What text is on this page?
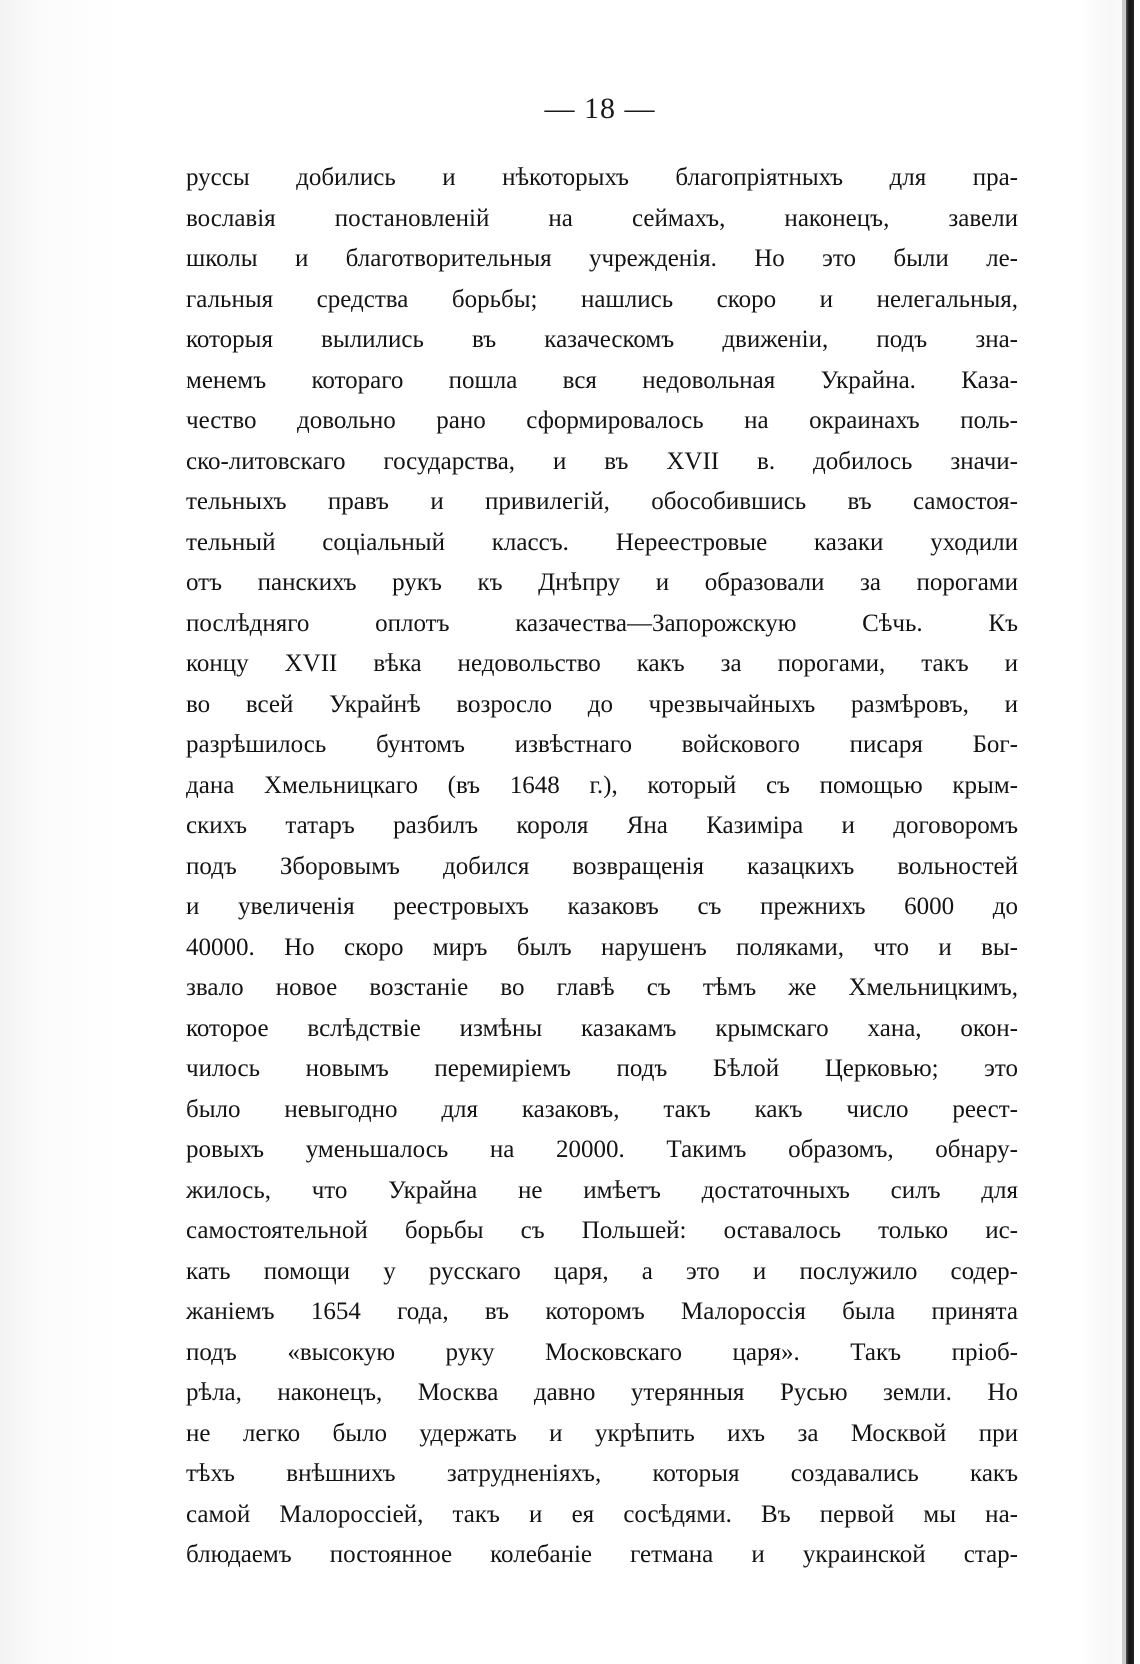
— 18 —
руссы добились и нѣкоторыхъ благопріятныхъ для пра-
вославія постановленій на сеймахъ, наконецъ, завели
школы и благотворительныя учрежденія. Но это были ле-
гальныя средства борьбы; нашлись скоро и нелегальныя,
которыя вылились въ казаческомъ движеніи, подъ зна-
менемъ котораго пошла вся недовольная Украйна. Каза-
чество довольно рано сформировалось на окраинахъ поль-
ско-литовскаго государства, и въ XVII в. добилось значи-
тельныхъ правъ и привилегій, обособившись въ самостоя-
тельный соціальный классъ. Нереестровые казаки уходили
отъ панскихъ рукъ къ Днѣпру и образовали за порогами
послѣдняго оплотъ казачества—Запорожскую Сѣчь. Къ
концу XVII вѣка недовольство какъ за порогами, такъ и
во всей Украйнѣ возросло до чрезвычайныхъ размѣровъ, и
разрѣшилось бунтомъ извѣстнаго войскового писаря Бог-
дана Хмельницкаго (въ 1648 г.), который съ помощью крым-
скихъ татаръ разбилъ короля Яна Казиміра и договоромъ
подъ Зборовымъ добился возвращенія казацкихъ вольностей
и увеличенія реестровыхъ казаковъ съ прежнихъ 6000 до
40000. Но скоро миръ былъ нарушенъ поляками, что и вы-
звало новое возстаніе во главѣ съ тѣмъ же Хмельницкимъ,
которое вслѣдствіе измѣны казакамъ крымскаго хана, окон-
чилось новымъ перемиріемъ подъ Бѣлой Церковью; это
было невыгодно для казаковъ, такъ какъ число реест-
ровыхъ уменьшалось на 20000. Такимъ образомъ, обнару-
жилось, что Украйна не имѣетъ достаточныхъ силъ для
самостоятельной борьбы съ Польшей: оставалось только ис-
кать помощи у русскаго царя, а это и послужило содер-
жаніемъ 1654 года, въ которомъ Малороссія была принята
подъ «высокую руку Московскаго царя». Такъ пріоб-
рѣла, наконецъ, Москва давно утерянныя Русью земли. Но
не легко было удержать и укрѣпить ихъ за Москвой при
тѣхъ внѣшнихъ затрудненіяхъ, которыя создавались какъ
самой Малороссіей, такъ и ея сосѣдями. Въ первой мы на-
блюдаемъ постоянное колебаніе гетмана и украинской стар-
